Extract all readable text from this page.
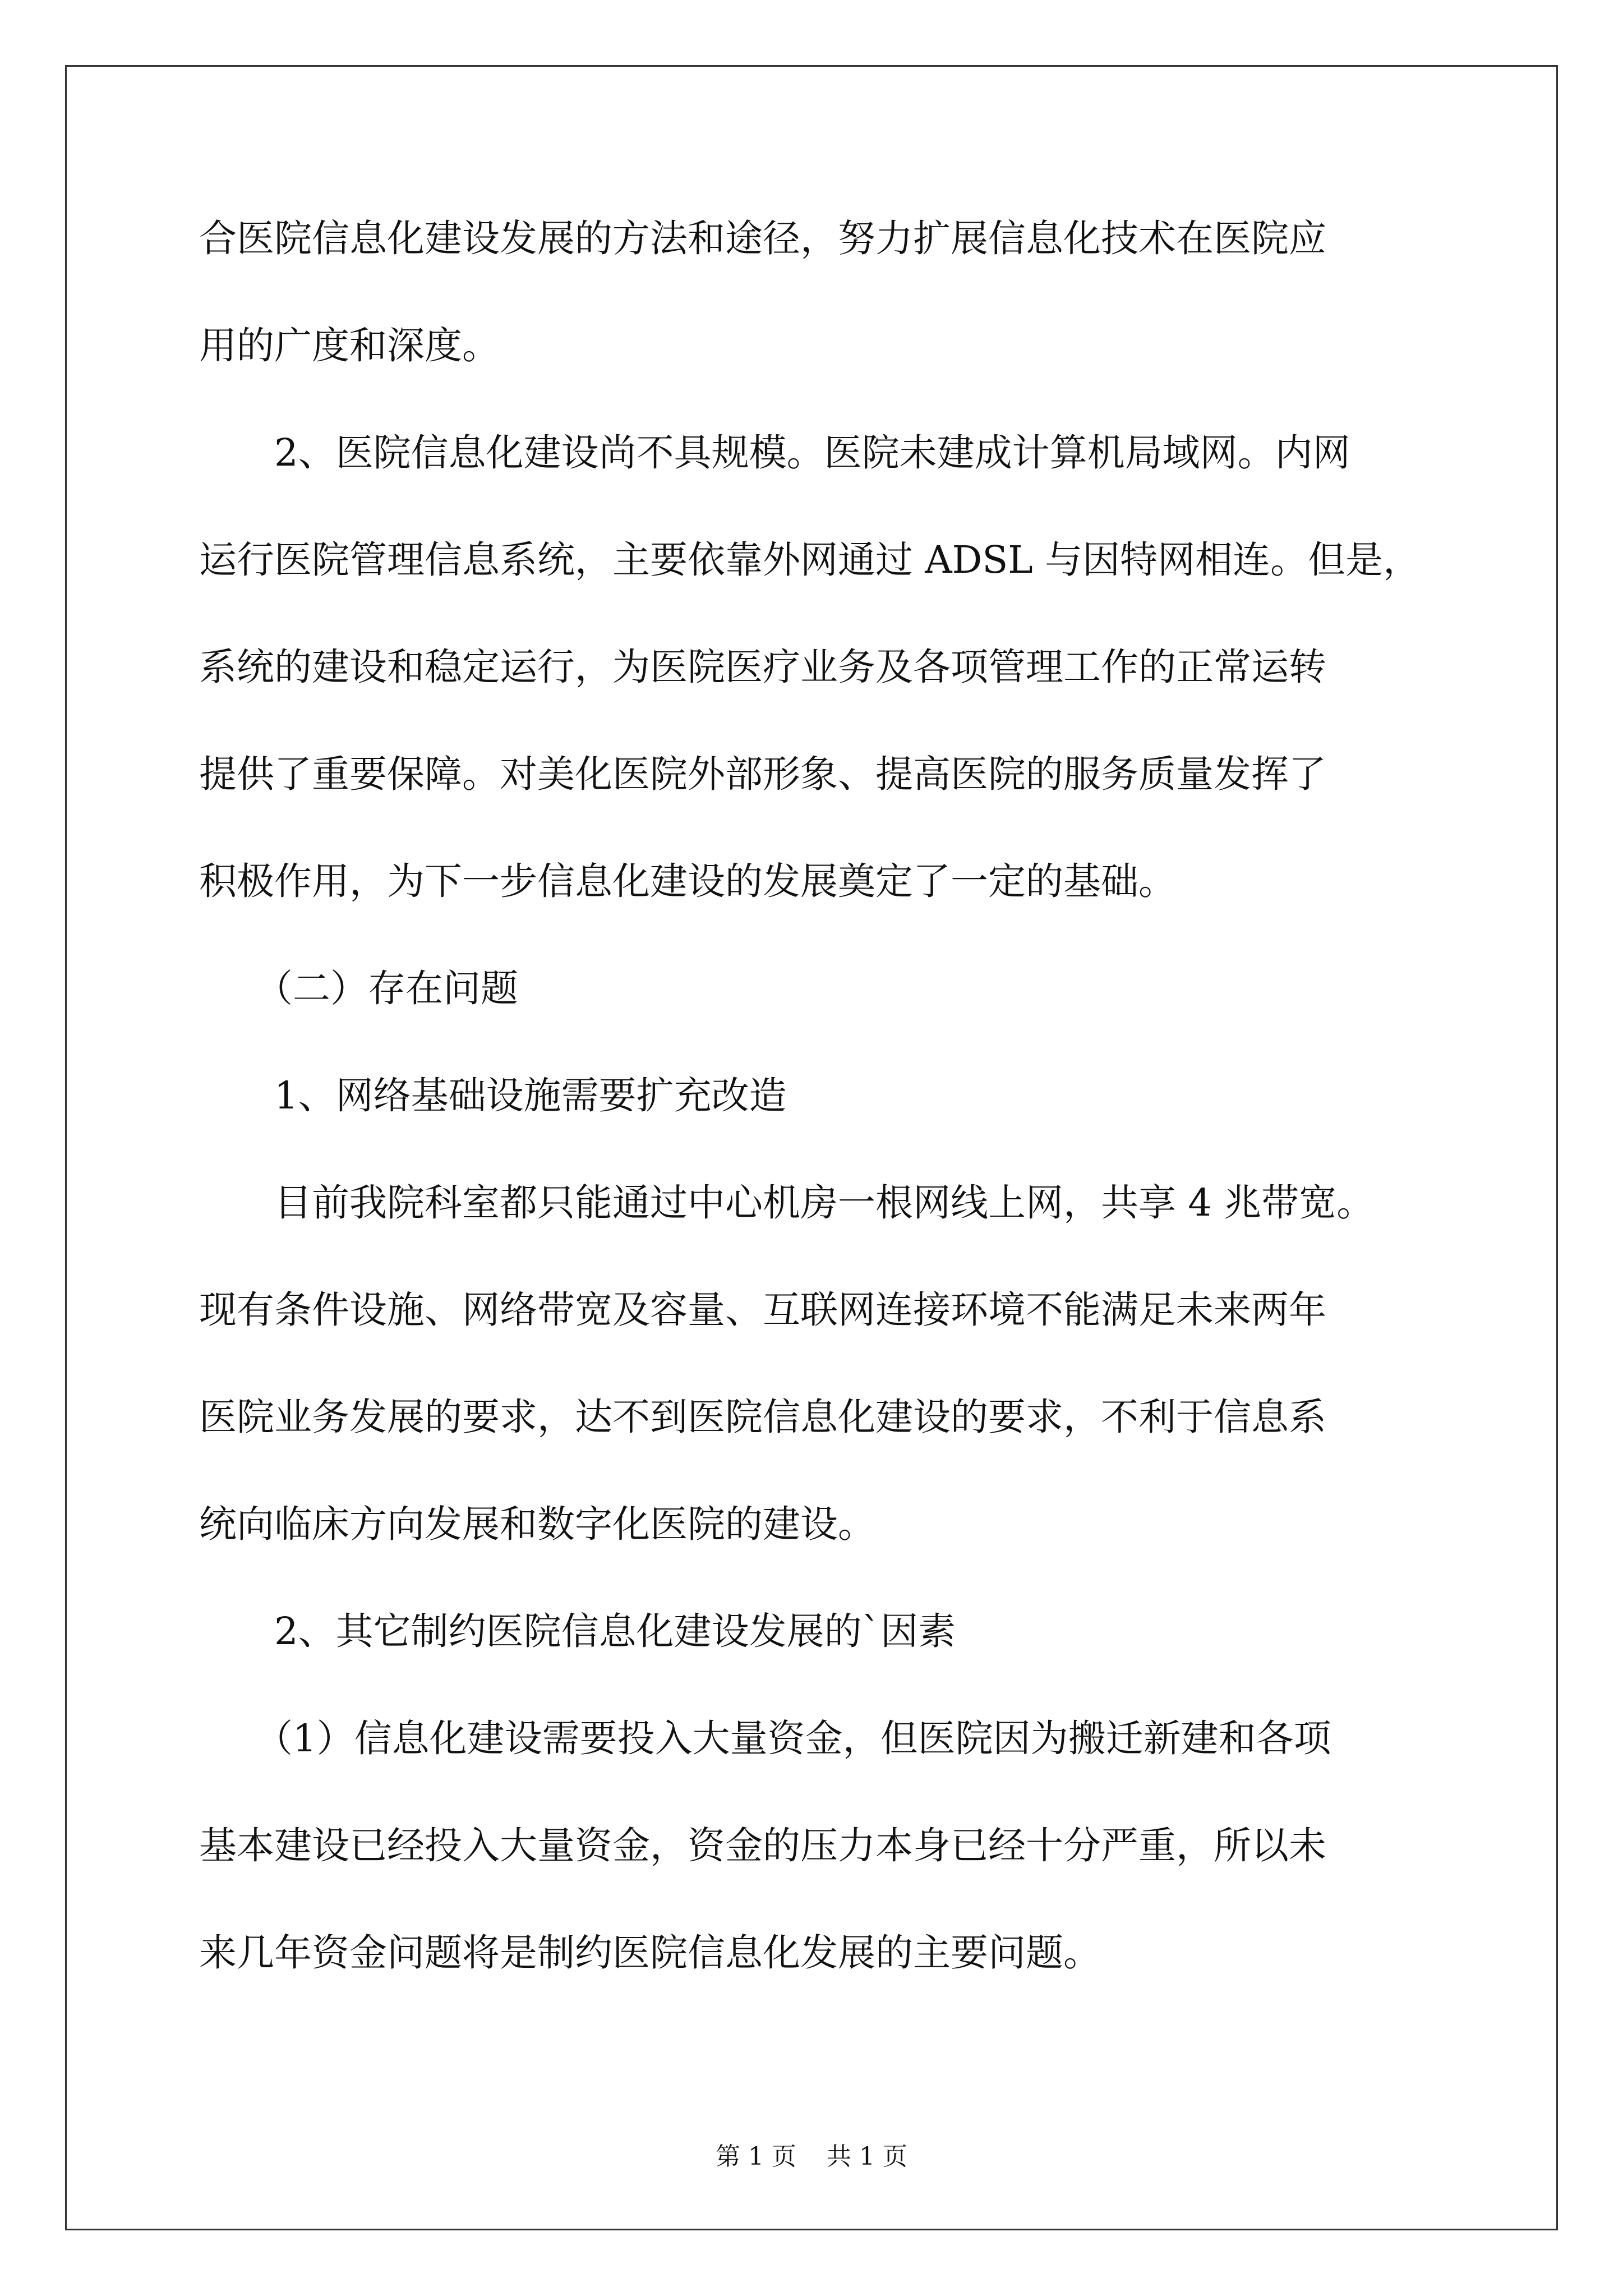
合医院信息化建设发展的方法和途径，努力扩展信息化技术在医院应
用的广度和深度。
2、医院信息化建设尚不具规模。医院未建成计算机局域网。内网
运行医院管理信息系统，主要依靠外网通过 ADSL 与因特网相连。但是，
系统的建设和稳定运行，为医院医疗业务及各项管理工作的正常运转
提供了重要保障。对美化医院外部形象、提高医院的服务质量发挥了
积极作用，为下一步信息化建设的发展奠定了一定的基础。
（二）存在问题
1、网络基础设施需要扩充改造
目前我院科室都只能通过中心机房一根网线上网，共享 4 兆带宽。
现有条件设施、网络带宽及容量、互联网连接环境不能满足未来两年
医院业务发展的要求，达不到医院信息化建设的要求，不利于信息系
统向临床方向发展和数字化医院的建设。
2、其它制约医院信息化建设发展的`因素
（1）信息化建设需要投入大量资金，但医院因为搬迁新建和各项
基本建设已经投入大量资金，资金的压力本身已经十分严重，所以未
来几年资金问题将是制约医院信息化发展的主要问题。
第 1 页 共 1 页
